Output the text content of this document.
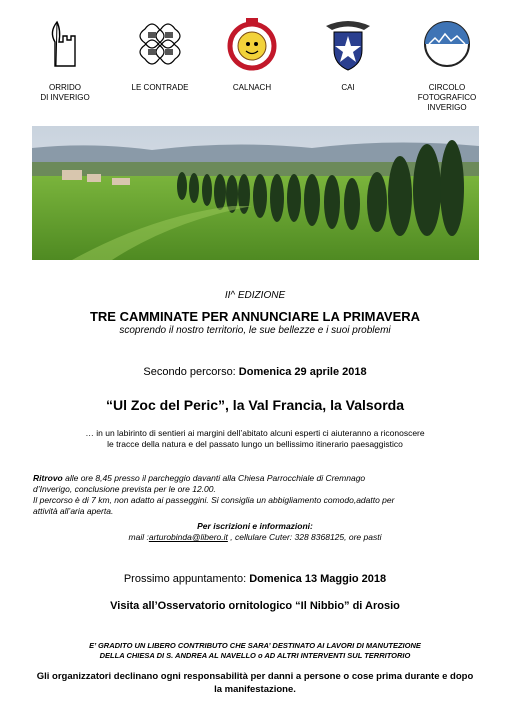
ORRIDO
DI INVERIGO
LE CONTRADE	CALNACH	CAI	CIRCOLO
FOTOGRAFICO
INVERIGO
II^ EDIZIONE
TRE CAMMINATE PER ANNUNCIARE LA PRIMAVERA
scoprendo il nostro territorio, le sue bellezze e i suoi problemi
Secondo percorso: Domenica 29 aprile 2018
“Ul Zoc del Peric”, la Val Francia, la Valsorda
… in un labirinto di sentieri ai margini dell’abitato alcuni esperti ci aiuteranno a riconoscere
le tracce della natura e del passato lungo un bellissimo itinerario paesaggistico
Ritrovo alle ore 8,45 presso il parcheggio davanti alla Chiesa Parrocchiale di Cremnago
d’Inverigo, conclusione prevista per le ore 12.00.
Il percorso è di 7 km, non adatto ai passeggini. Si consiglia un abbigliamento comodo,adatto per
attività all’aria aperta.
Per iscrizioni e informazioni:
mail :arturobinda@libero.it , cellulare Cuter: 328 8368125, ore pasti
Prossimo appuntamento: Domenica 13 Maggio 2018
Visita all’Osservatorio ornitologico “Il Nibbio” di Arosio
E’ GRADITO UN LIBERO CONTRIBUTO CHE SARA’ DESTINATO AI LAVORI DI MANUTEZIONE
DELLA CHIESA DI S. ANDREA AL NAVELLO o AD ALTRI INTERVENTI SUL TERRITORIO
Gli organizzatori declinano ogni responsabilità per danni a persone o cose prima durante e dopo
la manifestazione.
